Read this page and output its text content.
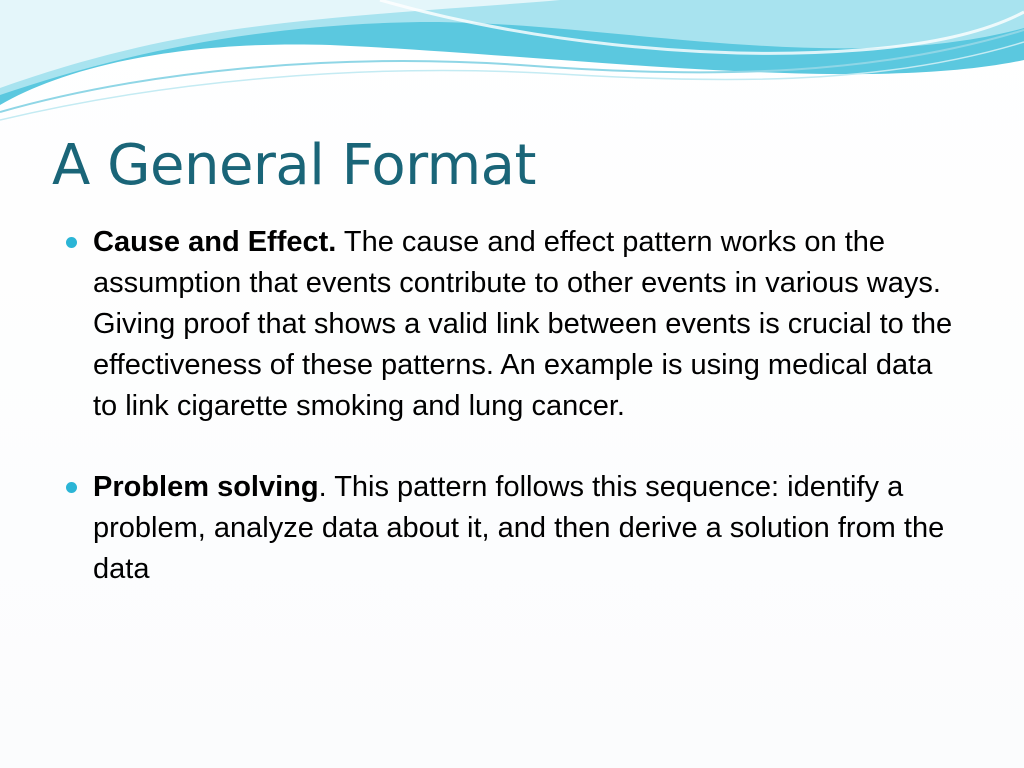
A General Format
Cause and Effect. The cause and effect pattern works on the assumption that events contribute to other events in various ways. Giving proof that shows a valid link between events is crucial to the effectiveness of these patterns. An example is using medical data to link cigarette smoking and lung cancer.
Problem solving. This pattern follows this sequence: identify a problem, analyze data about it, and then derive a solution from the data
